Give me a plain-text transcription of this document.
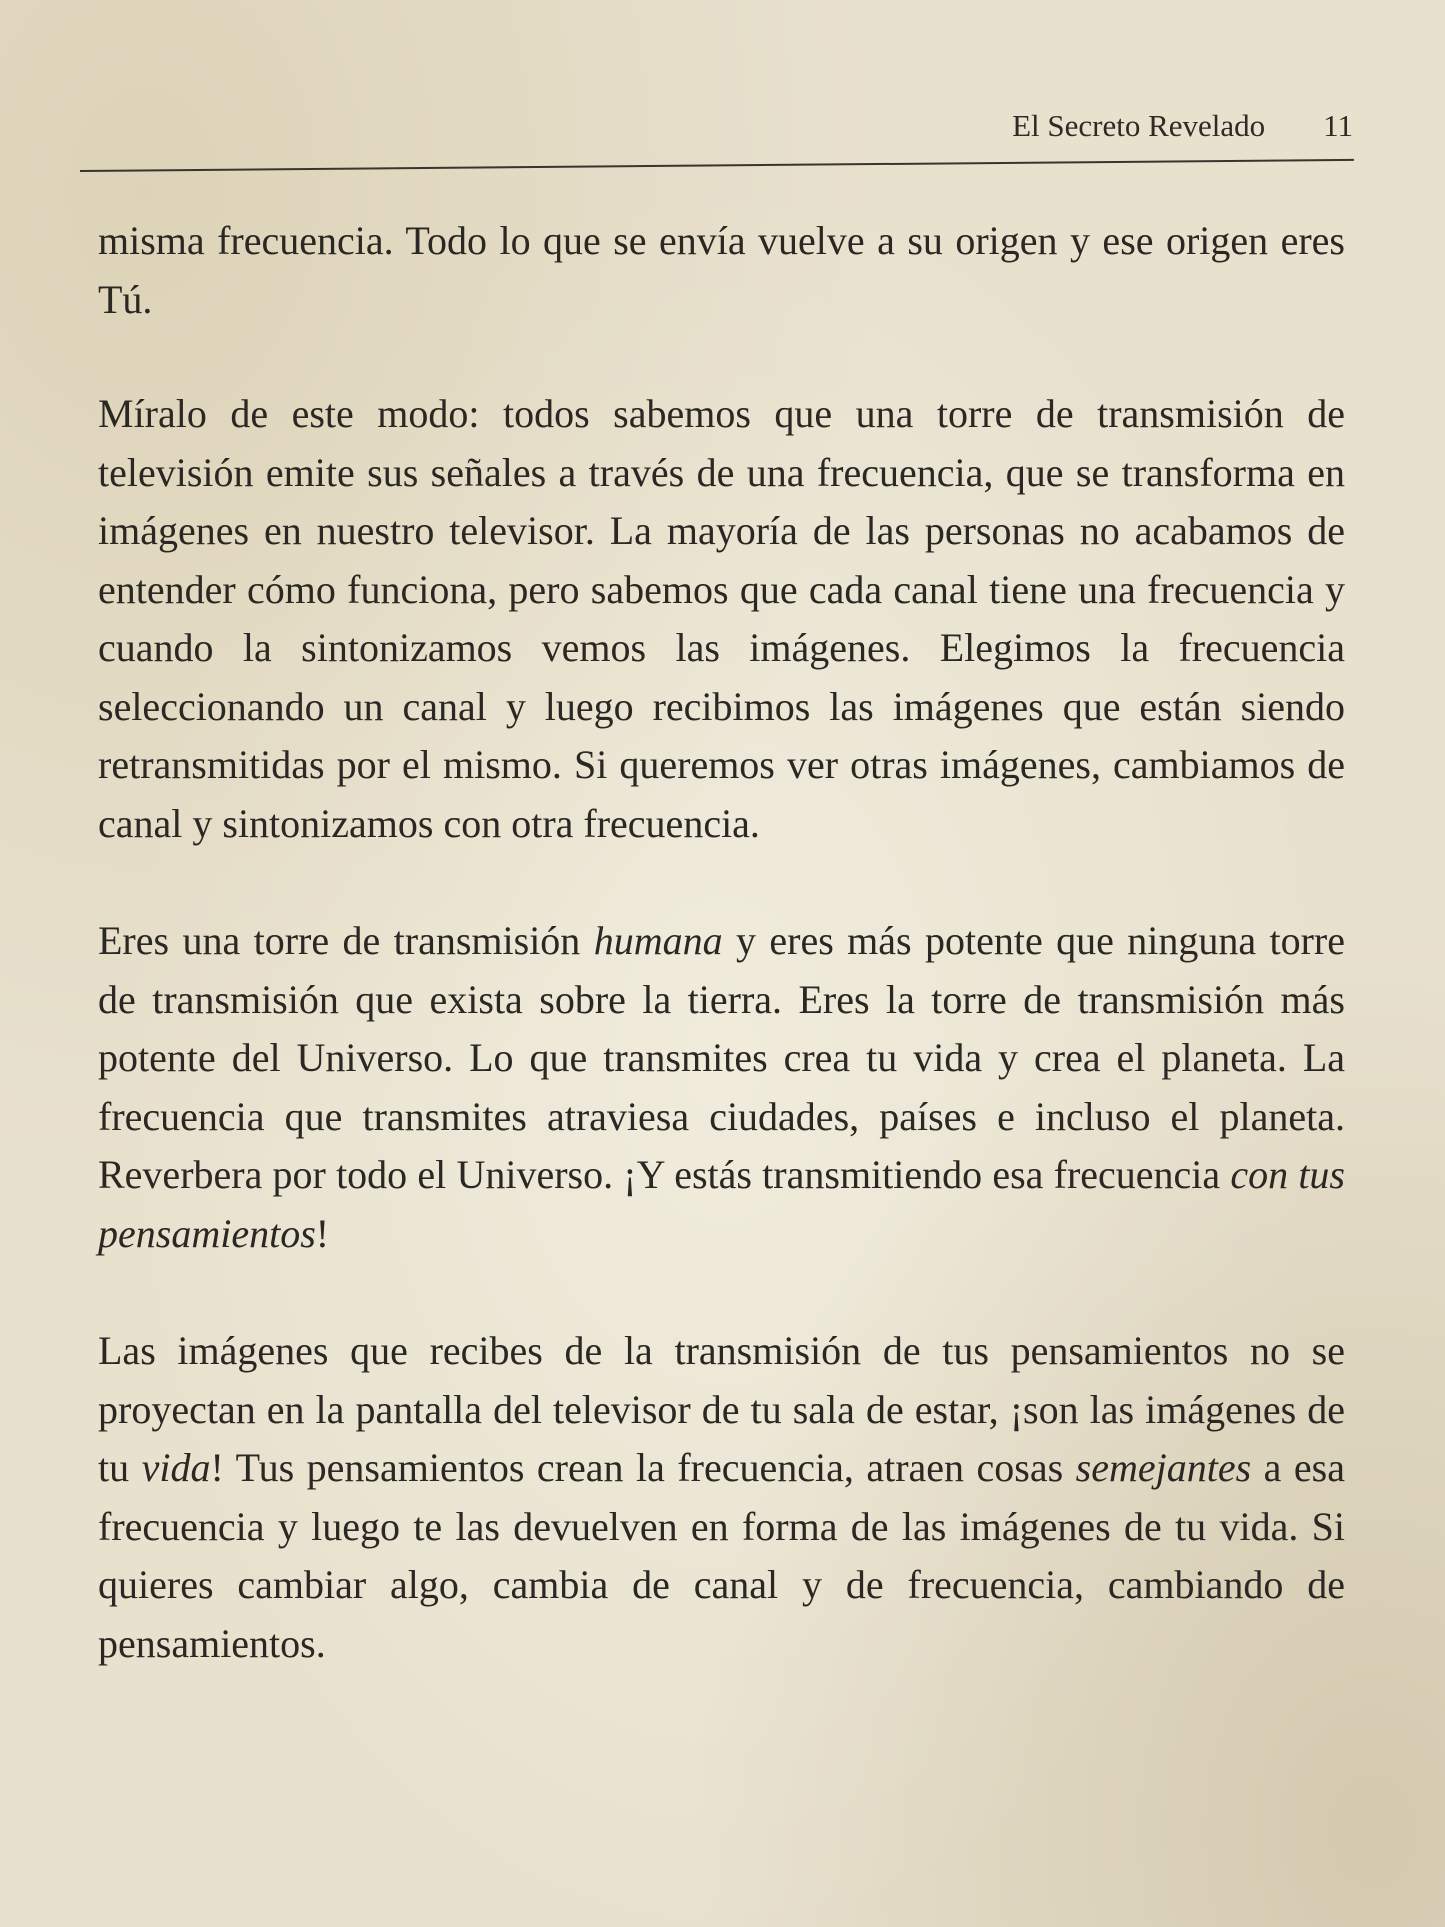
El Secreto Revelado 11

misma frecuencia. Todo lo que se envía vuelve a su origen y ese origen eres Tú.

Míralo de este modo: todos sabemos que una torre de transmisión de televisión emite sus señales a través de una frecuencia, que se transforma en imágenes en nuestro televisor. La mayoría de las personas no acabamos de entender cómo funciona, pero sabemos que cada canal tiene una frecuencia y cuando la sintonizamos vemos las imágenes. Elegimos la frecuencia seleccionando un canal y luego recibimos las imágenes que están siendo retransmitidas por el mismo. Si queremos ver otras imágenes, cambiamos de canal y sintonizamos con otra frecuencia.

Eres una torre de transmisión humana y eres más potente que ninguna torre de transmisión que exista sobre la tierra. Eres la torre de transmisión más potente del Universo. Lo que transmites crea tu vida y crea el planeta. La frecuencia que transmites atraviesa ciudades, países e incluso el planeta. Reverbera por todo el Universo. ¡Y estás transmitiendo esa frecuencia con tus pensamientos!

Las imágenes que recibes de la transmisión de tus pensamientos no se proyectan en la pantalla del televisor de tu sala de estar, ¡son las imágenes de tu vida! Tus pensamientos crean la frecuencia, atraen cosas semejantes a esa frecuencia y luego te las devuelven en forma de las imágenes de tu vida. Si quieres cambiar algo, cambia de canal y de frecuencia, cambiando de pensamientos.
